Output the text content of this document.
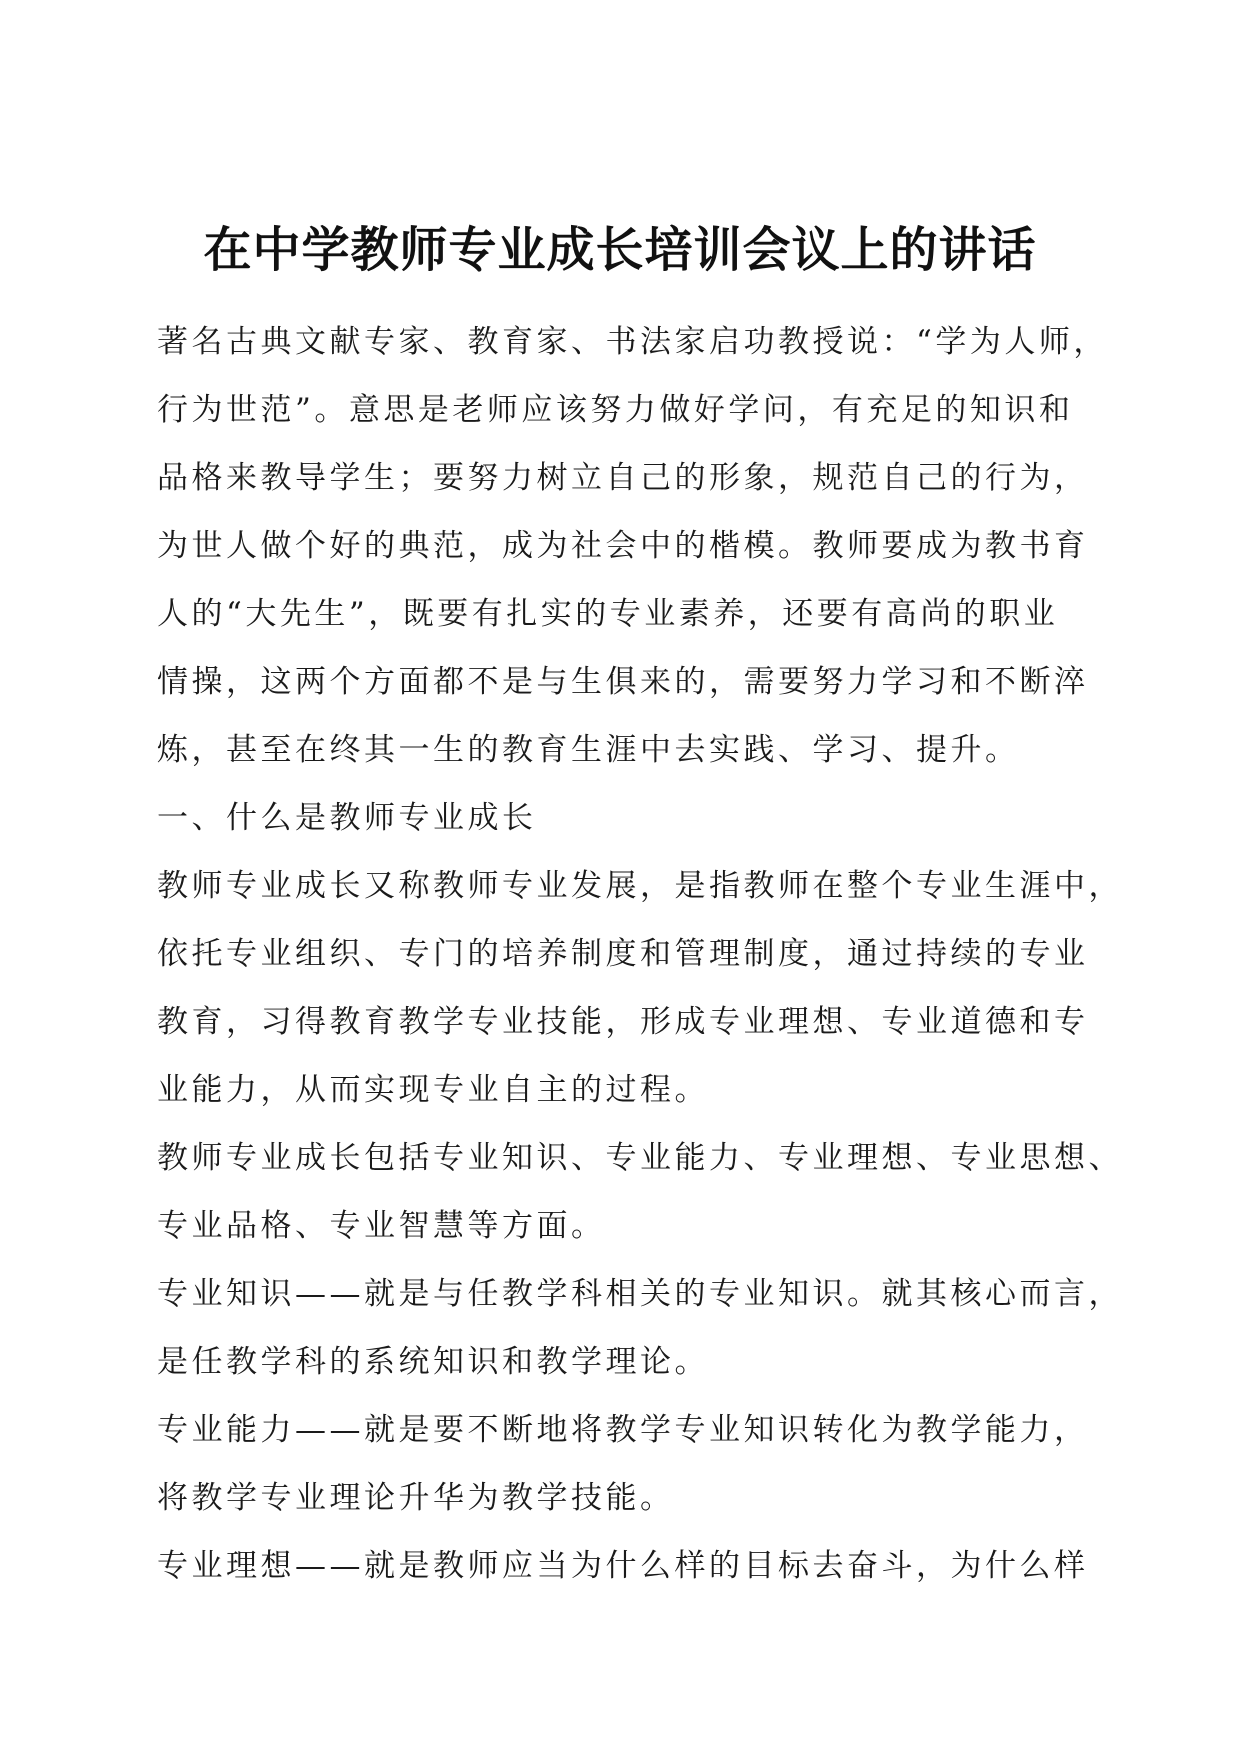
在中学教师专业成长培训会议上的讲话

著名古典文献专家、教育家、书法家启功教授说：“学为人师，

行为世范”。意思是老师应该努力做好学问，有充足的知识和

品格来教导学生；要努力树立自己的形象，规范自己的行为，

为世人做个好的典范，成为社会中的楷模。教师要成为教书育

人的“大先生”，既要有扎实的专业素养，还要有高尚的职业

情操，这两个方面都不是与生俱来的，需要努力学习和不断淬

炼，甚至在终其一生的教育生涯中去实践、学习、提升。

一、什么是教师专业成长

教师专业成长又称教师专业发展，是指教师在整个专业生涯中，

依托专业组织、专门的培养制度和管理制度，通过持续的专业

教育，习得教育教学专业技能，形成专业理想、专业道德和专

业能力，从而实现专业自主的过程。

教师专业成长包括专业知识、专业能力、专业理想、专业思想、

专业品格、专业智慧等方面。

专业知识——就是与任教学科相关的专业知识。就其核心而言，

是任教学科的系统知识和教学理论。

专业能力——就是要不断地将教学专业知识转化为教学能力，

将教学专业理论升华为教学技能。

专业理想——就是教师应当为什么样的目标去奋斗，为什么样
